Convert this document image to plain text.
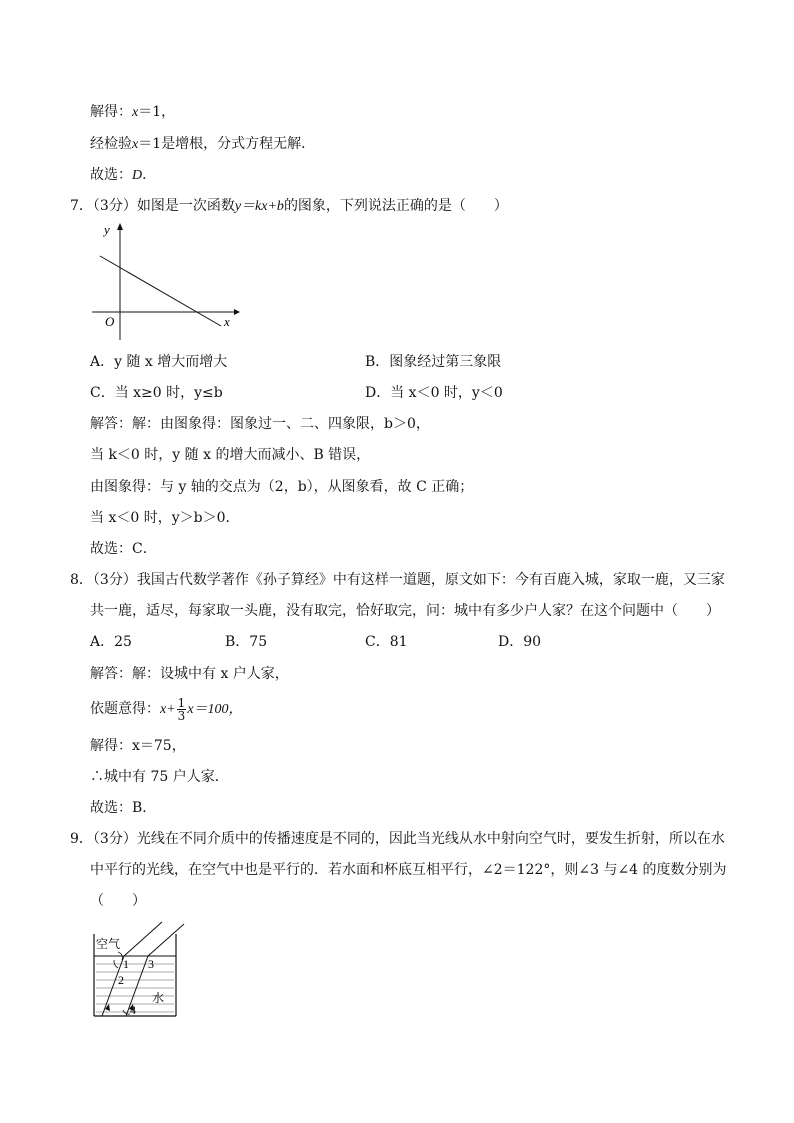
解得：x＝1，
经检验x＝1是增根，分式方程无解．
故选：D．
7．（3分）如图是一次函数y＝kx+b的图象，下列说法正确的是（　　）
y
x
O
A．y 随 x 增大而增大	B．图象经过第三象限
C．当 x≥0 时，y≤b	D．当 x＜0 时，y＜0
解答：解：由图象得：图象过一、二、四象限，b＞0，
当 k＜0 时，y 随 x 的增大而减小、B 错误，
由图象得：与 y 轴的交点为（2，b），从图象看，故 C 正确；
当 x＜0 时，y＞b＞0．
故选：C．
8．（3分）我国古代数学著作《孙子算经》中有这样一道题，原文如下：今有百鹿入城，家取一鹿，又三家
共一鹿，适尽，每家取一头鹿，没有取完，恰好取完，问：城中有多少户人家？在这个问题中（　　）
A．25	B．75	C．81	D．90
解答：解：设城中有 x 户人家，
依题意得：$x+ \frac{1}{3} x=100$，
解得：x＝75，
∴城中有 75 户人家．
故选：B．
9．（3分）光线在不同介质中的传播速度是不同的，因此当光线从水中射向空气时，要发生折射，所以在水
中平行的光线，在空气中也是平行的．若水面和杯底互相平行，∠2＝122°，则∠3 与∠4 的度数分别为
（　　）
空气
水
1
2
3
4
